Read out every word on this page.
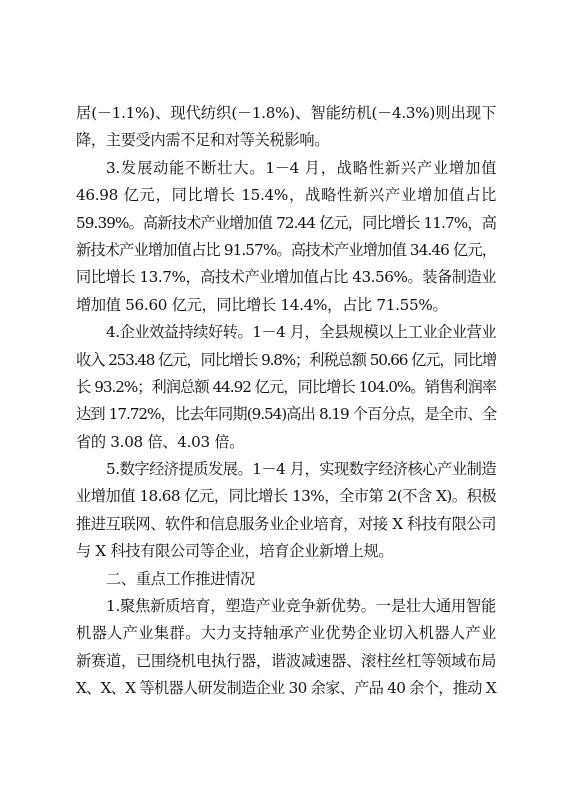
居(－1.1%)、现代纺织(－1.8%)、智能纺机(－4.3%)则出现下
降，主要受内需不足和对等关税影响。
3.发展动能不断壮大。1－4 月，战略性新兴产业增加值
46.98 亿元，同比增长 15.4%，战略性新兴产业增加值占比
59.39%。高新技术产业增加值 72.44 亿元，同比增长 11.7%，高
新技术产业增加值占比 91.57%。高技术产业增加值 34.46 亿元，
同比增长 13.7%，高技术产业增加值占比 43.56%。装备制造业
增加值 56.60 亿元，同比增长 14.4%，占比 71.55%。
4.企业效益持续好转。1－4 月，全县规模以上工业企业营业
收入 253.48 亿元，同比增长 9.8%；利税总额 50.66 亿元，同比增
长 93.2%；利润总额 44.92 亿元，同比增长 104.0%。销售利润率
达到 17.72%，比去年同期(9.54)高出 8.19 个百分点，是全市、全
省的 3.08 倍、4.03 倍。
5.数字经济提质发展。1－4 月，实现数字经济核心产业制造
业增加值 18.68 亿元，同比增长 13%，全市第 2(不含 X)。积极
推进互联网、软件和信息服务业企业培育，对接 X 科技有限公司
与 X 科技有限公司等企业，培育企业新增上规。
二、重点工作推进情况
1.聚焦新质培育，塑造产业竞争新优势。一是壮大通用智能
机器人产业集群。大力支持轴承产业优势企业切入机器人产业
新赛道，已围绕机电执行器，谐波减速器、滚柱丝杠等领域布局
X、X、X 等机器人研发制造企业 30 余家、产品 40 余个，推动 X
